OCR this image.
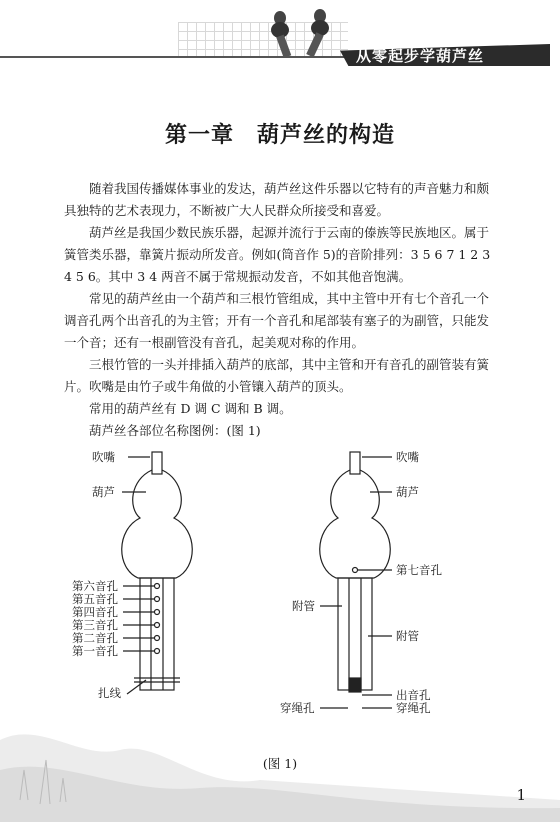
从零起步学葫芦丝
第一章　葫芦丝的构造

随着我国传播媒体事业的发达，葫芦丝这件乐器以它特有的声音魅力和颇具独特的艺术表现力，不断被广大人民群众所接受和喜爱。

葫芦丝是我国少数民族乐器，起源并流行于云南的傣族等民族地区。属于簧管类乐器，靠簧片振动所发音。例如(筒音作 5)的音阶排列：3 5 6 7 1 2 3 4 5 6。其中 3 4 两音不属于常规振动发音，不如其他音饱满。

常见的葫芦丝由一个葫芦和三根竹管组成，其中主管中开有七个音孔一个调音孔两个出音孔的为主管；开有一个音孔和尾部装有塞子的为副管，只能发一个音；还有一根副管没有音孔，起美观对称的作用。

三根竹管的一头并排插入葫芦的底部，其中主管和开有音孔的副管装有簧片。吹嘴是由竹子或牛角做的小管镶入葫芦的顶头。

常用的葫芦丝有 D 调 C 调和 B 调。

葫芦丝各部位名称图例：(图 1)

吹嘴
葫芦
第六音孔
第五音孔
第四音孔
第三音孔
第二音孔
第一音孔
扎线
吹嘴
葫芦
第七音孔
附管
附管
出音孔
穿绳孔
穿绳孔
(图 1)
1
